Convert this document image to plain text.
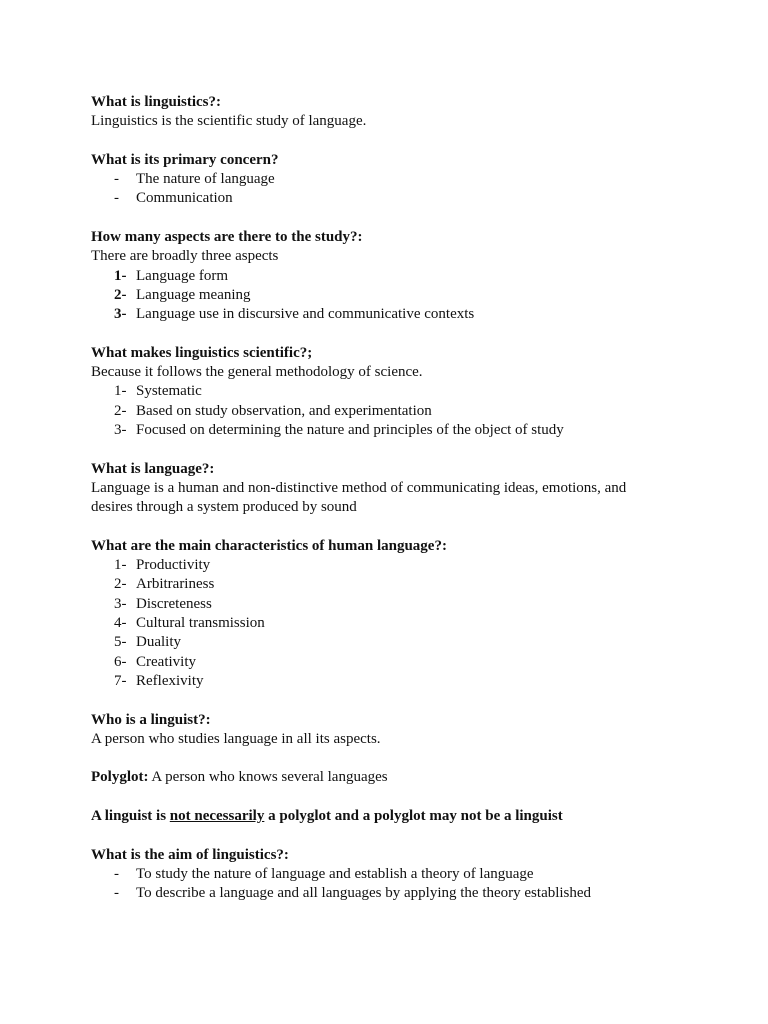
What is linguistics?:
Linguistics is the scientific study of language.
What is its primary concern?
-	The nature of language
-	Communication
How many aspects are there to the study?:
There are broadly three aspects
1- Language form
2- Language meaning
3- Language use in discursive and communicative contexts
What makes linguistics scientific?;
Because it follows the general methodology of science.
1- Systematic
2- Based on study observation, and experimentation
3- Focused on determining the nature and principles of the object of study
What is language?:
Language is a human and non-distinctive method of communicating ideas, emotions, and
desires through a system produced by sound
What are the main characteristics of human language?:
1- Productivity
2- Arbitrariness
3- Discreteness
4- Cultural transmission
5- Duality
6- Creativity
7- Reflexivity
Who is a linguist?:
A person who studies language in all its aspects.
Polyglot: A person who knows several languages
A linguist is not necessarily a polyglot and a polyglot may not be a linguist
What is the aim of linguistics?:
-	To study the nature of language and establish a theory of language
-	To describe a language and all languages by applying the theory established
